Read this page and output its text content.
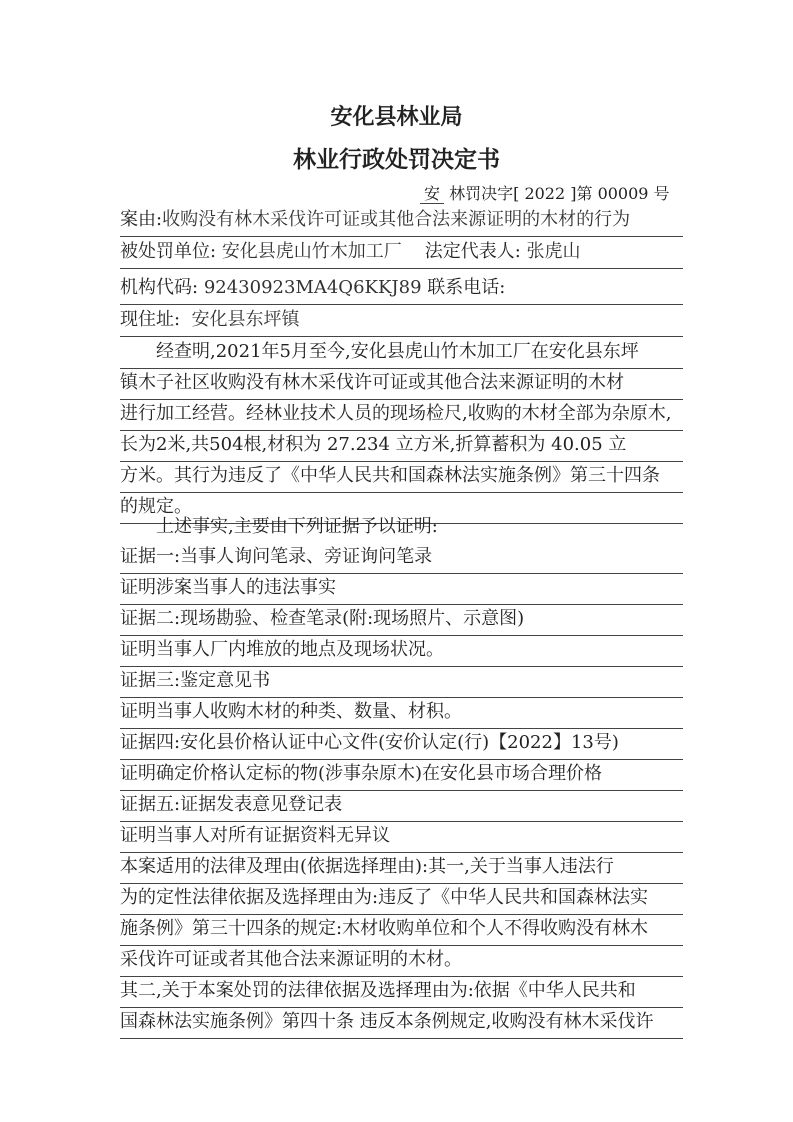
安化县林业局
林业行政处罚决定书
安 林罚决字[ 2022 ]第 00009 号
案由:收购没有林木采伐许可证或其他合法来源证明的木材的行为
被处罚单位: 安化县虎山竹木加工厂 法定代表人: 张虎山
机构代码: 92430923MA4Q6KKJ89 联系电话:
现住址: 安化县东坪镇
经查明,2021年5月至今,安化县虎山竹木加工厂在安化县东坪
镇木子社区收购没有林木采伐许可证或其他合法来源证明的木材
进行加工经营。经林业技术人员的现场检尺,收购的木材全部为杂原木,
长为2米,共504根,材积为 27.234 立方米,折算蓄积为 40.05 立
方米。其行为违反了《中华人民共和国森林法实施条例》第三十四条
的规定。
上述事实,主要由下列证据予以证明:
证据一:当事人询问笔录、旁证询问笔录
证明涉案当事人的违法事实
证据二:现场勘验、检查笔录(附:现场照片、示意图)
证明当事人厂内堆放的地点及现场状况。
证据三:鉴定意见书
证明当事人收购木材的种类、数量、材积。
证据四:安化县价格认证中心文件(安价认定(行)【2022】13号)
证明确定价格认定标的物(涉事杂原木)在安化县市场合理价格
证据五:证据发表意见登记表
证明当事人对所有证据资料无异议
本案适用的法律及理由(依据选择理由):其一,关于当事人违法行
为的定性法律依据及选择理由为:违反了《中华人民共和国森林法实
施条例》第三十四条的规定:木材收购单位和个人不得收购没有林木
采伐许可证或者其他合法来源证明的木材。
其二,关于本案处罚的法律依据及选择理由为:依据《中华人民共和
国森林法实施条例》第四十条 违反本条例规定,收购没有林木采伐许
